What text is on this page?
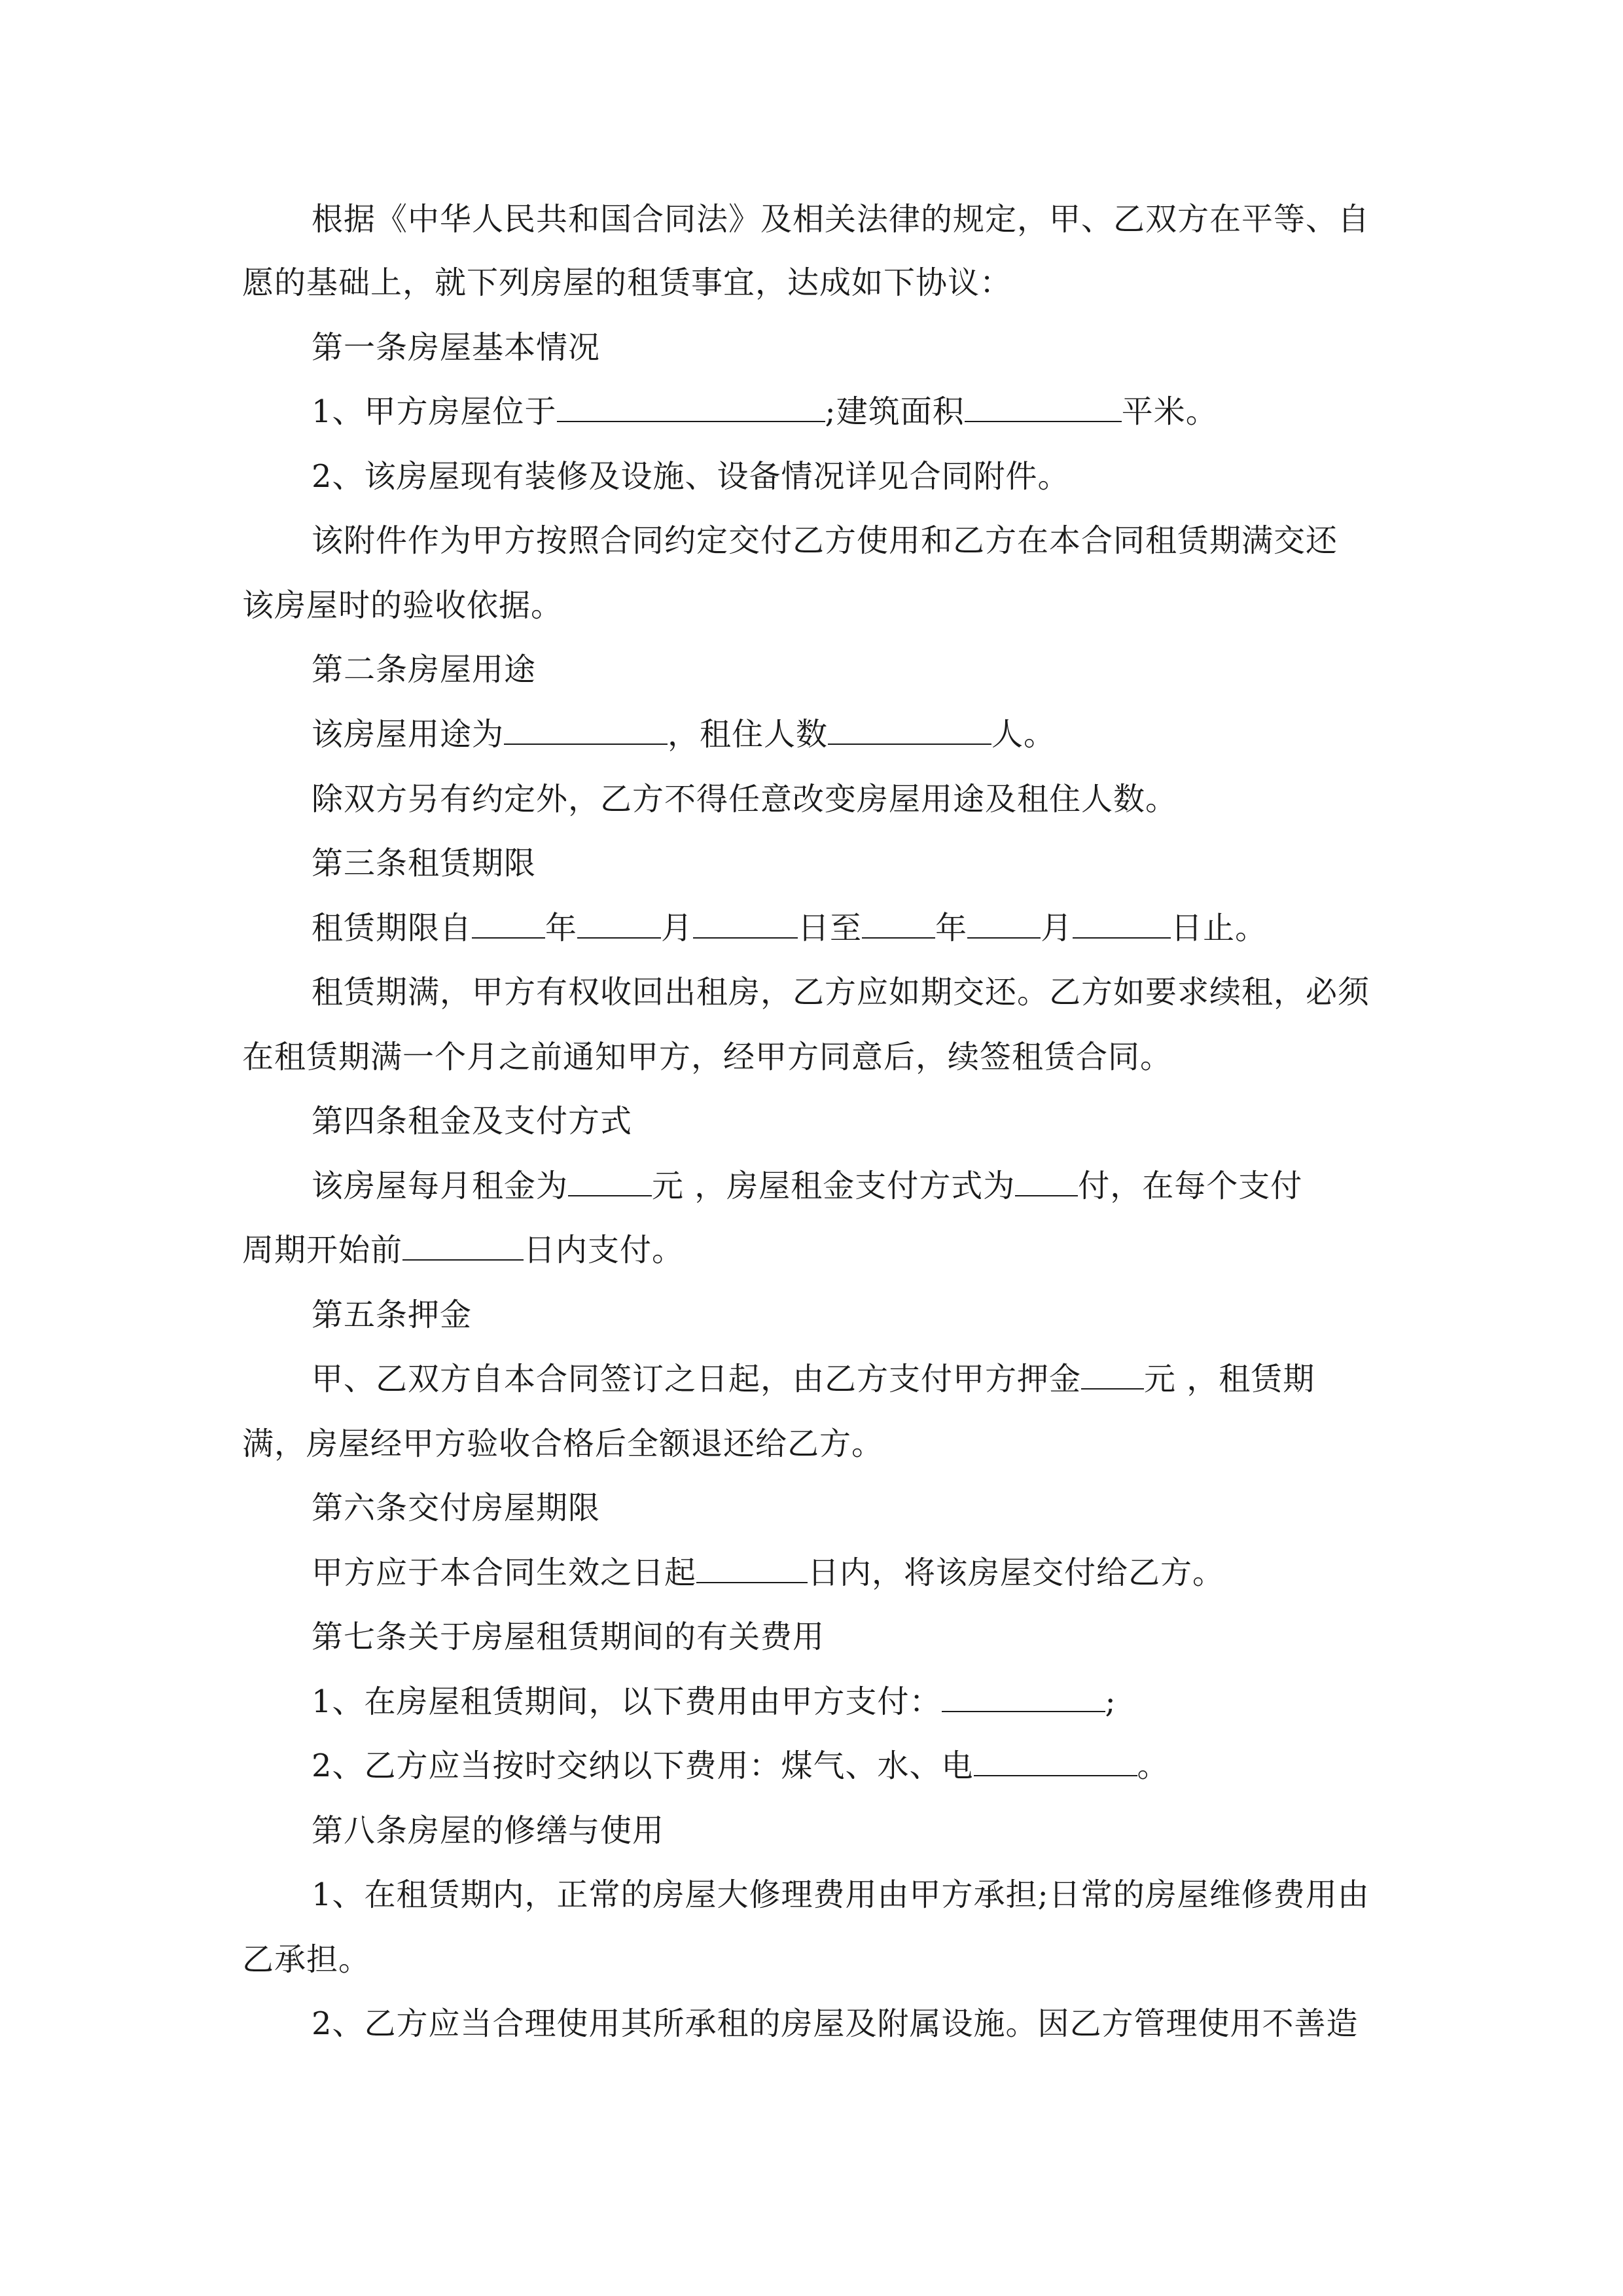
根据《中华人民共和国合同法》及相关法律的规定，甲、乙双方在平等、自
愿的基础上，就下列房屋的租赁事宜，达成如下协议：
第一条房屋基本情况
1、甲方房屋位于	;建筑面积	平米。
2、该房屋现有装修及设施、设备情况详见合同附件。
该附件作为甲方按照合同约定交付乙方使用和乙方在本合同租赁期满交还
该房屋时的验收依据。
第二条房屋用途
该房屋用途为	，租住人数	人。
除双方另有约定外，乙方不得任意改变房屋用途及租住人数。
第三条租赁期限
租赁期限自 年	月	日至 年 月	日止。
租赁期满，甲方有权收回出租房，乙方应如期交还。乙方如要求续租，必须
在租赁期满一个月之前通知甲方，经甲方同意后，续签租赁合同。
第四条租金及支付方式
该房屋每月租金为	元 ，房屋租金支付方式为 付，在每个支付
周期开始前	日内支付。
第五条押金
甲、乙双方自本合同签订之日起，由乙方支付甲方押金 元 ，租赁期
满，房屋经甲方验收合格后全额退还给乙方。
第六条交付房屋期限
甲方应于本合同生效之日起	日内，将该房屋交付给乙方。
第七条关于房屋租赁期间的有关费用
1、在房屋租赁期间，以下费用由甲方支付：	;
2、乙方应当按时交纳以下费用：煤气、水、电	。
第八条房屋的修缮与使用
1、在租赁期内，正常的房屋大修理费用由甲方承担;日常的房屋维修费用由
乙承担。
2、乙方应当合理使用其所承租的房屋及附属设施。因乙方管理使用不善造
